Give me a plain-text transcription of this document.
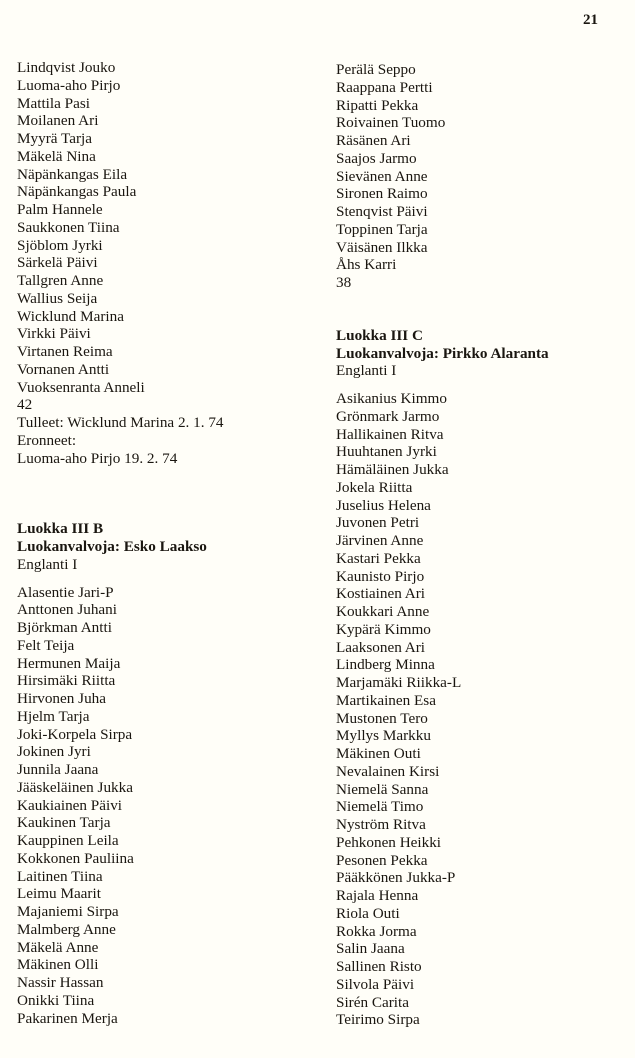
21
Lindqvist Jouko
Luoma-aho Pirjo
Mattila Pasi
Moilanen Ari
Myyrä Tarja
Mäkelä Nina
Näpänkangas Eila
Näpänkangas Paula
Palm Hannele
Saukkonen Tiina
Sjöblom Jyrki
Särkelä Päivi
Tallgren Anne
Wallius Seija
Wicklund Marina
Virkki Päivi
Virtanen Reima
Vornanen Antti
Vuoksenranta Anneli
42
Tulleet: Wicklund Marina 2. 1. 74
Eronneet:
Luoma-aho Pirjo 19. 2. 74
Luokka III B
Luokanvalvoja: Esko Laakso
Englanti I
Alasentie Jari-P
Anttonen Juhani
Björkman Antti
Felt Teija
Hermunen Maija
Hirsimäki Riitta
Hirvonen Juha
Hjelm Tarja
Joki-Korpela Sirpa
Jokinen Jyri
Junnila Jaana
Jääskeläinen Jukka
Kaukiainen Päivi
Kaukinen Tarja
Kauppinen Leila
Kokkonen Pauliina
Laitinen Tiina
Leimu Maarit
Majaniemi Sirpa
Malmberg Anne
Mäkelä Anne
Mäkinen Olli
Nassir Hassan
Onikki Tiina
Pakarinen Merja
Perälä Seppo
Raappana Pertti
Ripatti Pekka
Roivainen Tuomo
Räsänen Ari
Saajos Jarmo
Sievänen Anne
Sironen Raimo
Stenqvist Päivi
Toppinen Tarja
Väisänen Ilkka
Åhs Karri
38
Luokka III C
Luokanvalvoja: Pirkko Alaranta
Englanti I
Asikanius Kimmo
Grönmark Jarmo
Hallikainen Ritva
Huuhtanen Jyrki
Hämäläinen Jukka
Jokela Riitta
Juselius Helena
Juvonen Petri
Järvinen Anne
Kastari Pekka
Kaunisto Pirjo
Kostiainen Ari
Koukkari Anne
Kypärä Kimmo
Laaksonen Ari
Lindberg Minna
Marjamäki Riikka-L
Martikainen Esa
Mustonen Tero
Myllys Markku
Mäkinen Outi
Nevalainen Kirsi
Niemelä Sanna
Niemelä Timo
Nyström Ritva
Pehkonen Heikki
Pesonen Pekka
Pääkkönen Jukka-P
Rajala Henna
Riola Outi
Rokka Jorma
Salin Jaana
Sallinen Risto
Silvola Päivi
Sirén Carita
Teirimo Sirpa
